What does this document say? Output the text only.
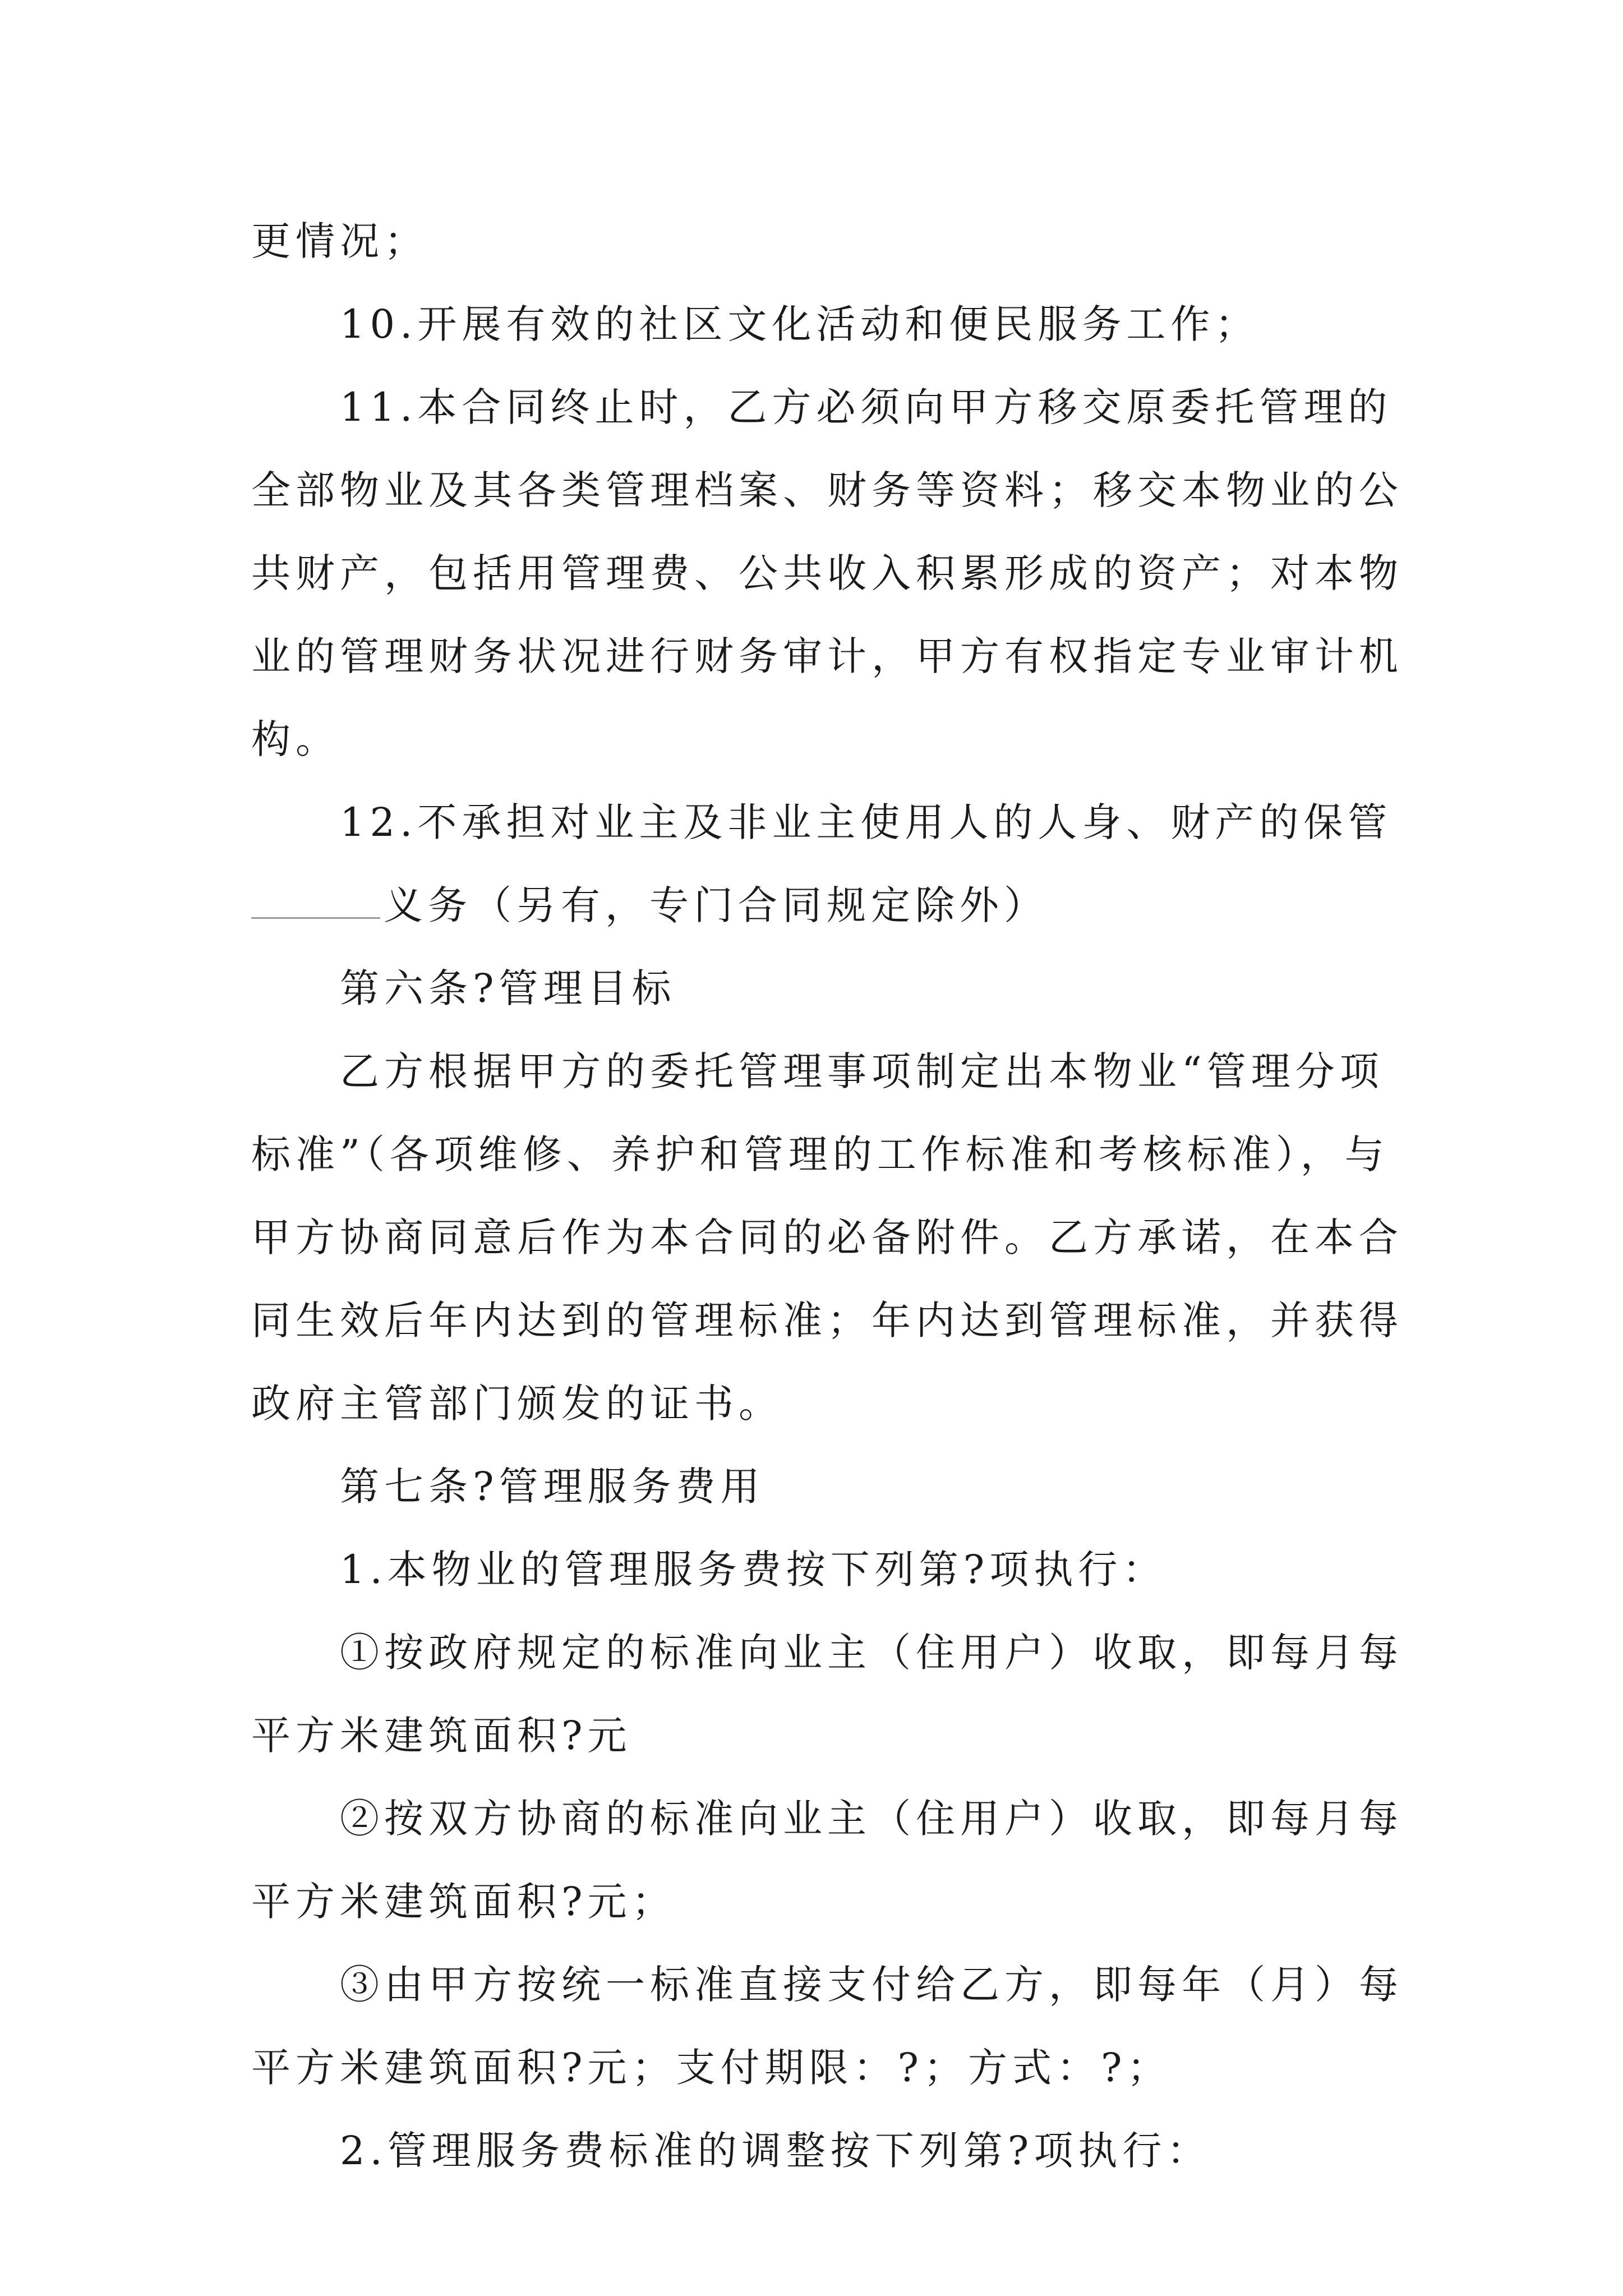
更情况；
10.开展有效的社区文化活动和便民服务工作；
11.本合同终止时，乙方必须向甲方移交原委托管理的
全部物业及其各类管理档案、财务等资料；移交本物业的公
共财产，包括用管理费、公共收入积累形成的资产；对本物
业的管理财务状况进行财务审计，甲方有权指定专业审计机
构。
12.不承担对业主及非业主使用人的人身、财产的保管
义务（另有，专门合同规定除外）
第六条?管理目标
乙方根据甲方的委托管理事项制定出本物业“管理分项
标准”（各项维修、养护和管理的工作标准和考核标准），与
甲方协商同意后作为本合同的必备附件。乙方承诺，在本合
同生效后年内达到的管理标准；年内达到管理标准，并获得
政府主管部门颁发的证书。
第七条?管理服务费用
1.本物业的管理服务费按下列第?项执行：
①按政府规定的标准向业主（住用户）收取，即每月每
平方米建筑面积?元
②按双方协商的标准向业主（住用户）收取，即每月每
平方米建筑面积?元；
③由甲方按统一标准直接支付给乙方，即每年（月）每
平方米建筑面积?元；支付期限：?；方式：?；
2.管理服务费标准的调整按下列第?项执行：
